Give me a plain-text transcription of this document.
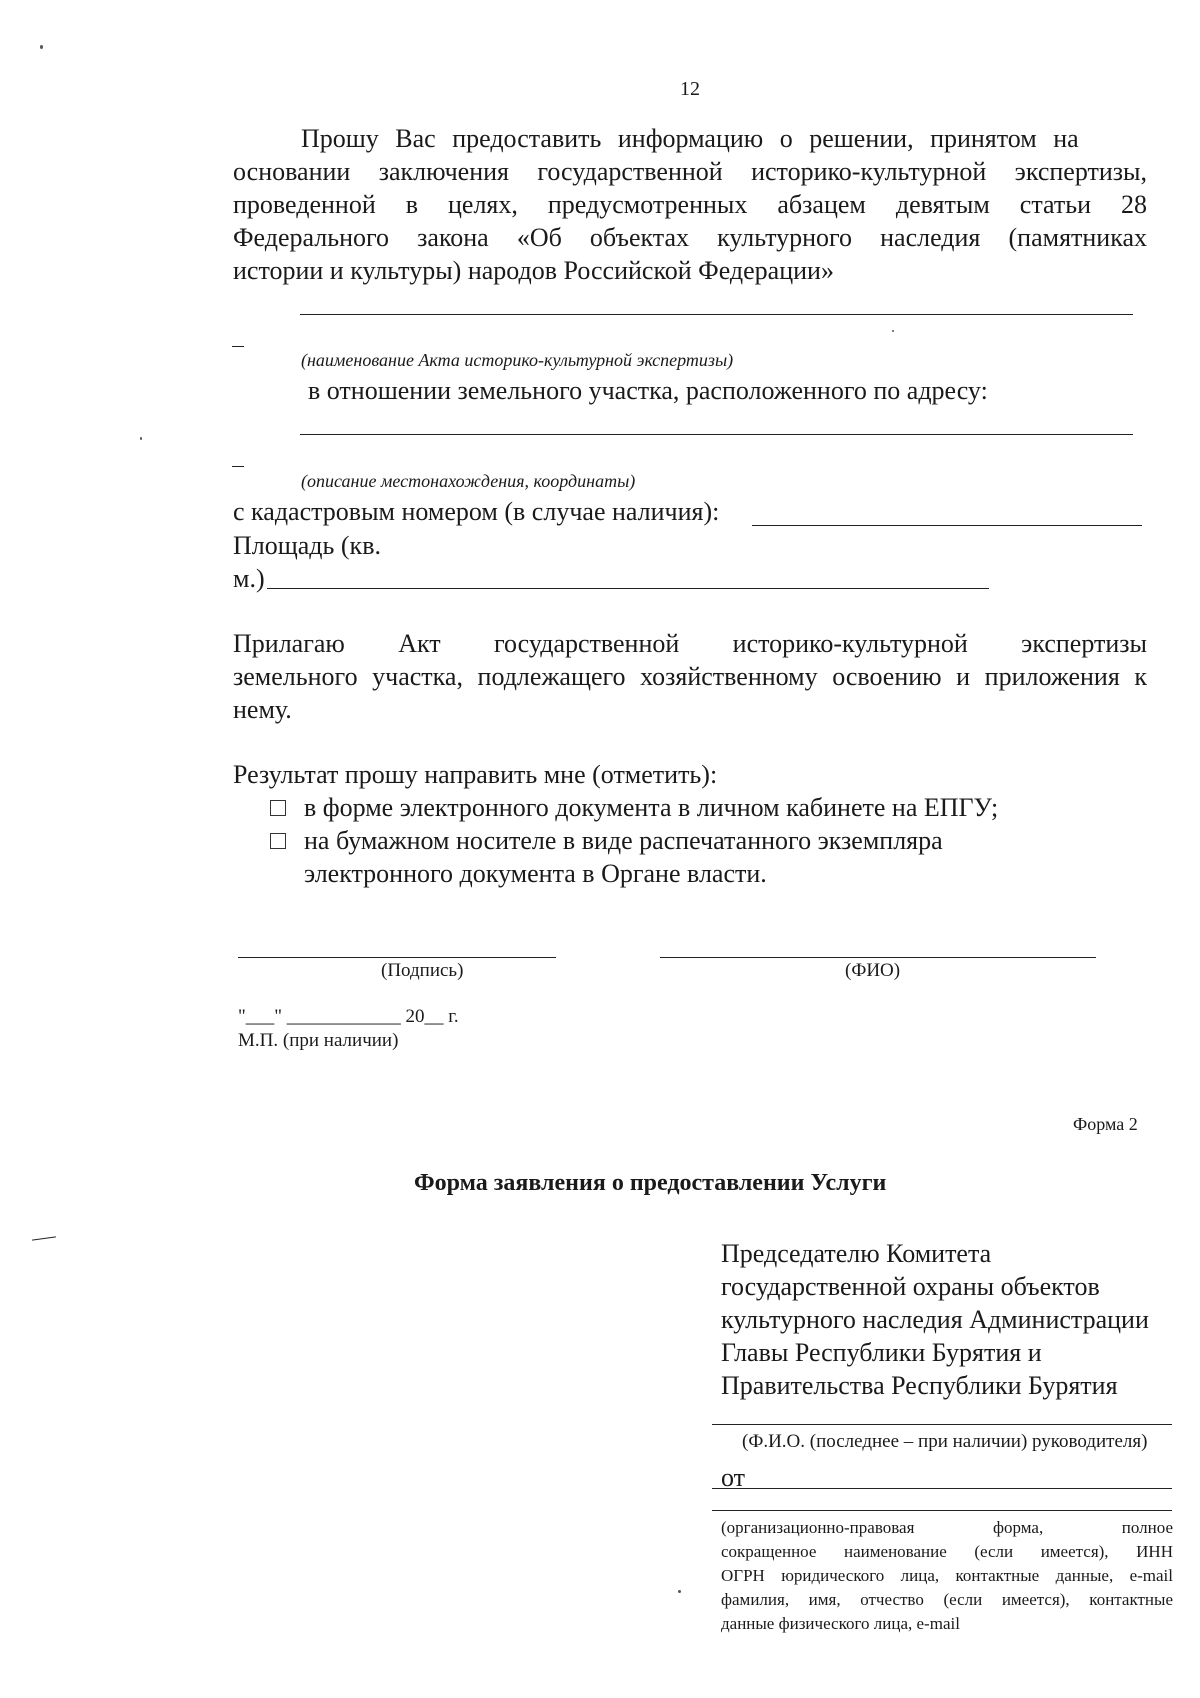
12
Прошу Вас предоставить информацию о решении, принятом на
основании заключения государственной историко-культурной экспертизы,
проведенной в целях, предусмотренных абзацем девятым статьи 28
Федерального закона «Об объектах культурного наследия (памятниках
истории и культуры) народов Российской Федерации»
(наименование Акта историко-культурной экспертизы)
в отношении земельного участка, расположенного по адресу:
(описание местонахождения, координаты)
с кадастровым номером (в случае наличия):
Площадь (кв.
м.)
Прилагаю Акт государственной историко-культурной экспертизы
земельного участка, подлежащего хозяйственному освоению и приложения к
нему.
Результат прошу направить мне (отметить):
в форме электронного документа в личном кабинете на ЕПГУ;
на бумажном носителе в виде распечатанного экземпляра
электронного документа в Органе власти.
(Подпись)	(ФИО)
"___" ____________ 20__ г.
М.П. (при наличии)
Форма 2
Форма заявления о предоставлении Услуги
Председателю Комитета
государственной охраны объектов
культурного наследия Администрации
Главы Республики Бурятия и
Правительства Республики Бурятия
(Ф.И.О. (последнее – при наличии) руководителя)
от
(организационно-правовая форма, полное
сокращенное наименование (если имеется), ИНН
ОГРН юридического лица, контактные данные, e-mail
фамилия, имя, отчество (если имеется), контактные
данные физического лица, e-mail
